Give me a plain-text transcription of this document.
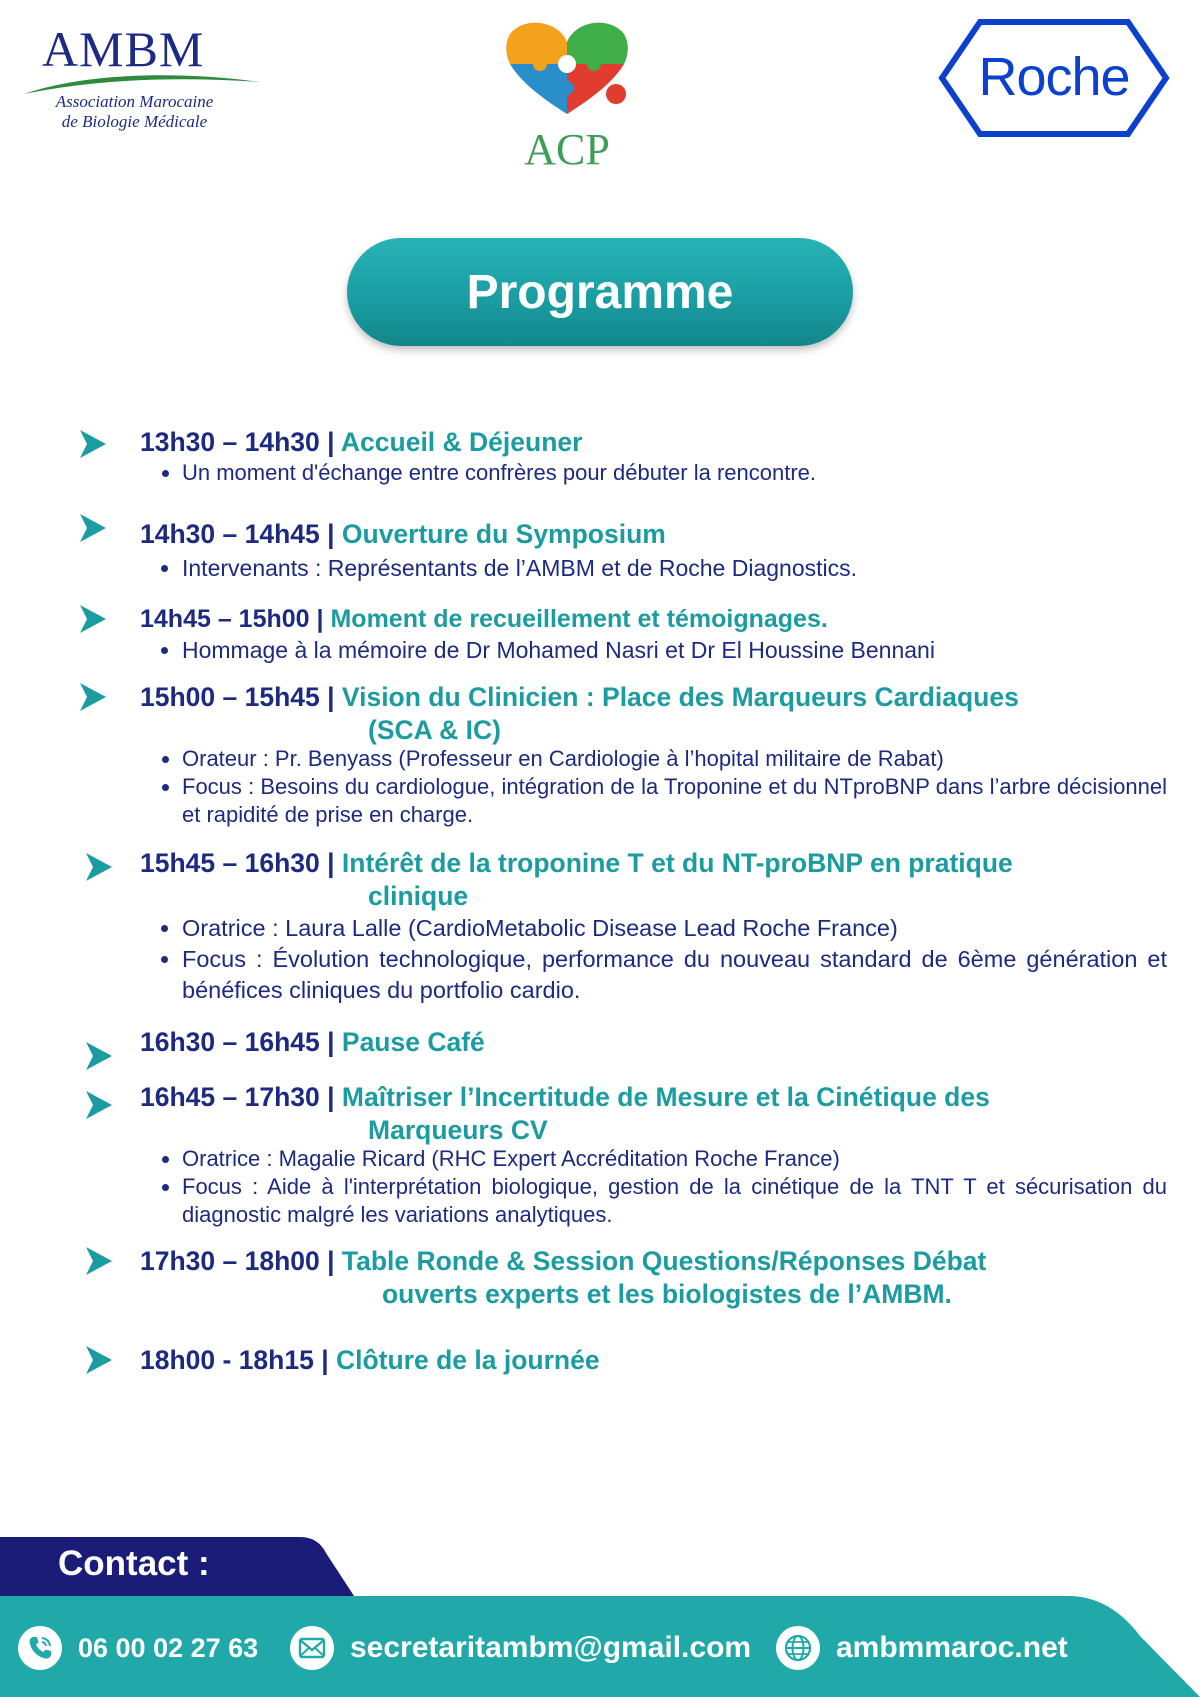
AMBM
Association Marocaine
de Biologie Médicale
ACP
Roche
Programme
13h30 – 14h30 | Accueil & Déjeuner
• Un moment d'échange entre confrères pour débuter la rencontre.
14h30 – 14h45 | Ouverture du Symposium
• Intervenants : Représentants de l’AMBM et de Roche Diagnostics.
14h45 – 15h00 | Moment de recueillement et témoignages.
• Hommage à la mémoire de Dr Mohamed Nasri et Dr El Houssine Bennani
15h00 – 15h45 | Vision du Clinicien : Place des Marqueurs Cardiaques
(SCA & IC)
• Orateur : Pr. Benyass (Professeur en Cardiologie à l’hopital militaire de Rabat)
• Focus : Besoins du cardiologue, intégration de la Troponine et du NTproBNP dans l’arbre décisionnel et rapidité de prise en charge.
15h45 – 16h30 | Intérêt de la troponine T et du NT-proBNP en pratique
clinique
• Oratrice : Laura Lalle (CardioMetabolic Disease Lead Roche France)
• Focus : Évolution technologique, performance du nouveau standard de 6ème génération et bénéfices cliniques du portfolio cardio.
16h30 – 16h45 | Pause Café
16h45 – 17h30 | Maîtriser l’Incertitude de Mesure et la Cinétique des
Marqueurs CV
• Oratrice : Magalie Ricard (RHC Expert Accréditation Roche France)
• Focus : Aide à l'interprétation biologique, gestion de la cinétique de la TNT T et sécurisation du diagnostic malgré les variations analytiques.
17h30 – 18h00 | Table Ronde & Session Questions/Réponses Débat
ouverts experts et les biologistes de l’AMBM.
18h00 - 18h15 | Clôture de la journée
Contact :
06 00 02 27 63	secretaritambm@gmail.com	ambmmaroc.net
